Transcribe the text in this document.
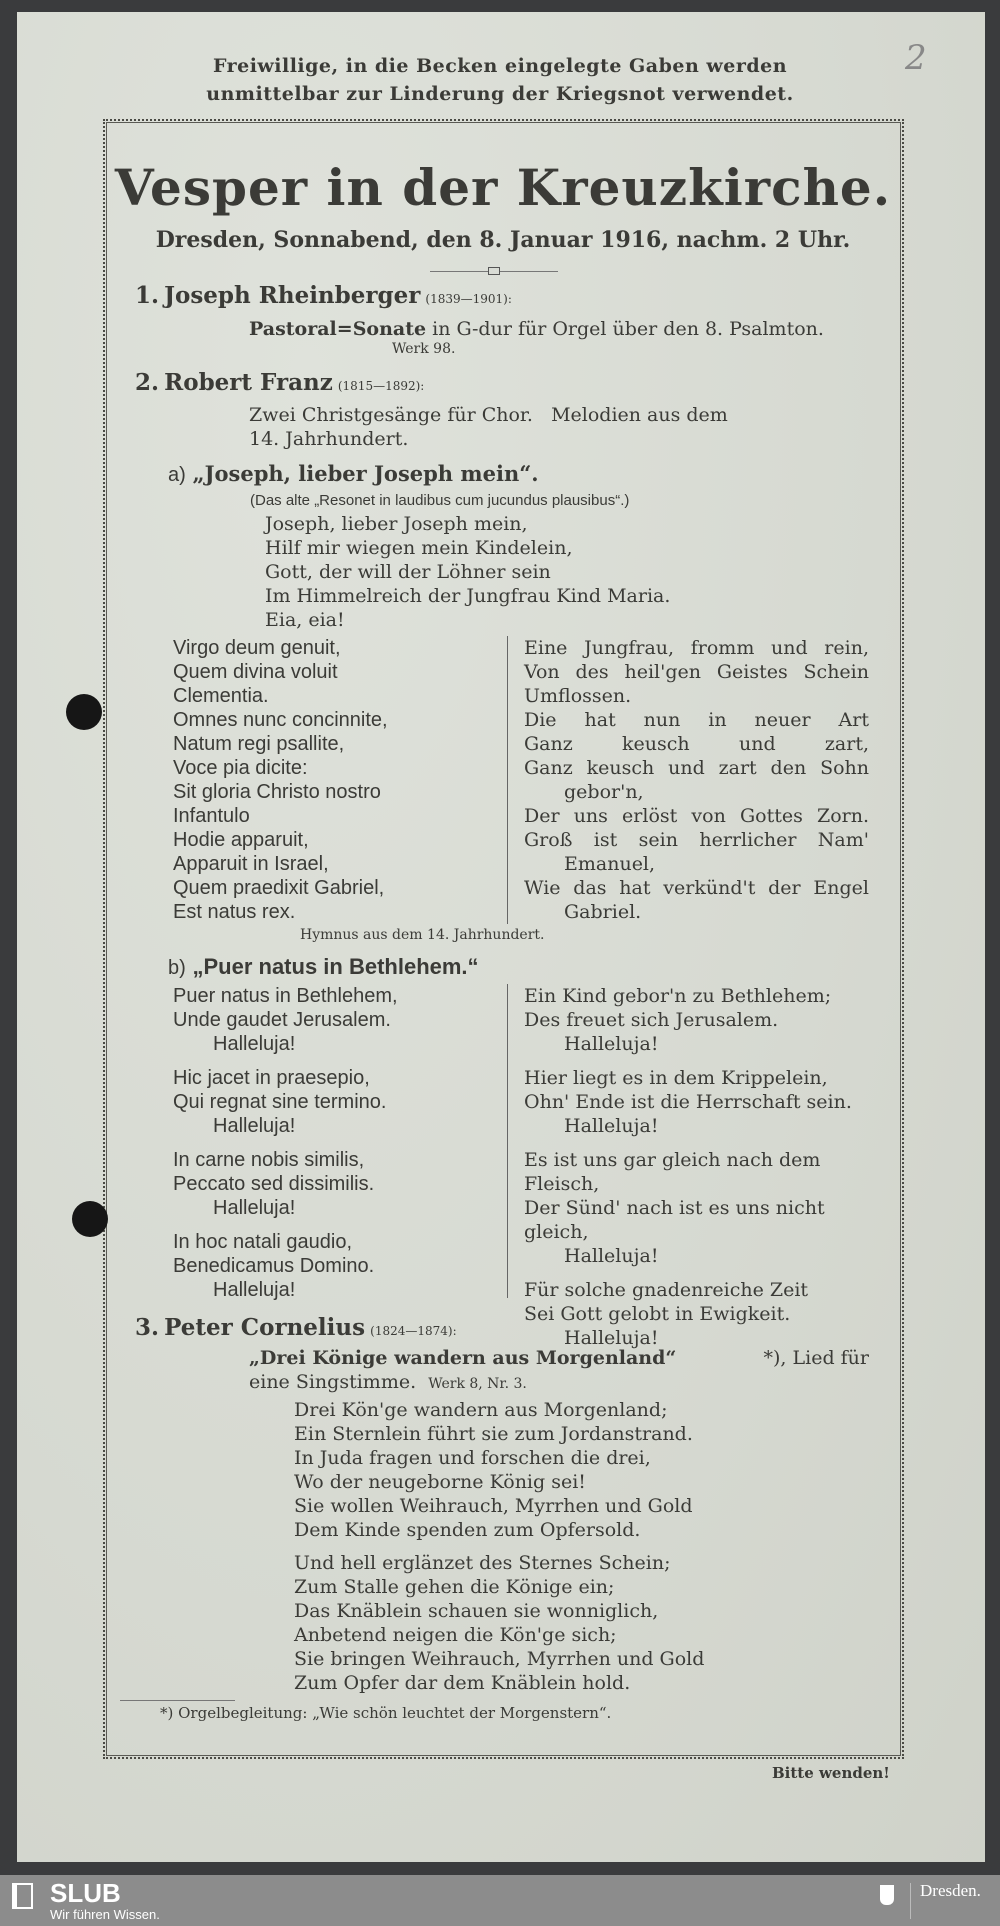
2
Freiwillige, in die Becken eingelegte Gaben werden
unmittelbar zur Linderung der Kriegsnot verwendet.
Vesper in der Kreuzkirche.
Dresden, Sonnabend, den 8. Januar 1916, nachm. 2 Uhr.
1. Joseph Rheinberger (1839—1901):
Pastoral=Sonate in G-dur für Orgel über den 8. Psalmton.
Werk 98.
2. Robert Franz (1815—1892):
Zwei Christgesänge für Chor.   Melodien aus dem
14. Jahrhundert.
a) „Joseph, lieber Joseph mein“.
(Das alte „Resonet in laudibus cum jucundus plausibus“.)
Joseph, lieber Joseph mein,
Hilf mir wiegen mein Kindelein,
Gott, der will der Löhner sein
Im Himmelreich der Jungfrau Kind Maria.
Eia, eia!
Virgo deum genuit,
Quem divina voluit
Clementia.
Omnes nunc concinnite,
Natum regi psallite,
Voce pia dicite:
Sit gloria Christo nostro
Infantulo
Hodie apparuit,
Apparuit in Israel,
Quem praedixit Gabriel,
Est natus rex.
Eine Jungfrau, fromm und rein,
Von des heil'gen Geistes Schein
Umflossen.
Die hat nun in neuer Art
Ganz keusch und zart,
Ganz keusch und zart den Sohn
gebor'n,
Der uns erlöst von Gottes Zorn.
Groß ist sein herrlicher Nam'
Emanuel,
Wie das hat verkünd't der Engel
Gabriel.
Hymnus aus dem 14. Jahrhundert.
b) „Puer natus in Bethlehem.“
Puer natus in Bethlehem,
Unde gaudet Jerusalem.
Halleluja!
Hic jacet in praesepio,
Qui regnat sine termino.
Halleluja!
In carne nobis similis,
Peccato sed dissimilis.
Halleluja!
In hoc natali gaudio,
Benedicamus Domino.
Halleluja!
Ein Kind gebor'n zu Bethlehem;
Des freuet sich Jerusalem.
Halleluja!
Hier liegt es in dem Krippelein,
Ohn' Ende ist die Herrschaft sein.
Halleluja!
Es ist uns gar gleich nach dem Fleisch,
Der Sünd' nach ist es uns nicht gleich,
Halleluja!
Für solche gnadenreiche Zeit
Sei Gott gelobt in Ewigkeit.
Halleluja!
3. Peter Cornelius (1824—1874):
„Drei Könige wandern aus Morgenland“	*), Lied für
eine Singstimme. Werk 8, Nr. 3.
Drei Kön'ge wandern aus Morgenland;
Ein Sternlein führt sie zum Jordanstrand.
In Juda fragen und forschen die drei,
Wo der neugeborne König sei!
Sie wollen Weihrauch, Myrrhen und Gold
Dem Kinde spenden zum Opfersold.
Und hell erglänzet des Sternes Schein;
Zum Stalle gehen die Könige ein;
Das Knäblein schauen sie wonniglich,
Anbetend neigen die Kön'ge sich;
Sie bringen Weihrauch, Myrrhen und Gold
Zum Opfer dar dem Knäblein hold.
*) Orgelbegleitung: „Wie schön leuchtet der Morgenstern“.
Bitte wenden!
SLUB
Wir führen Wissen.
Dresden.
